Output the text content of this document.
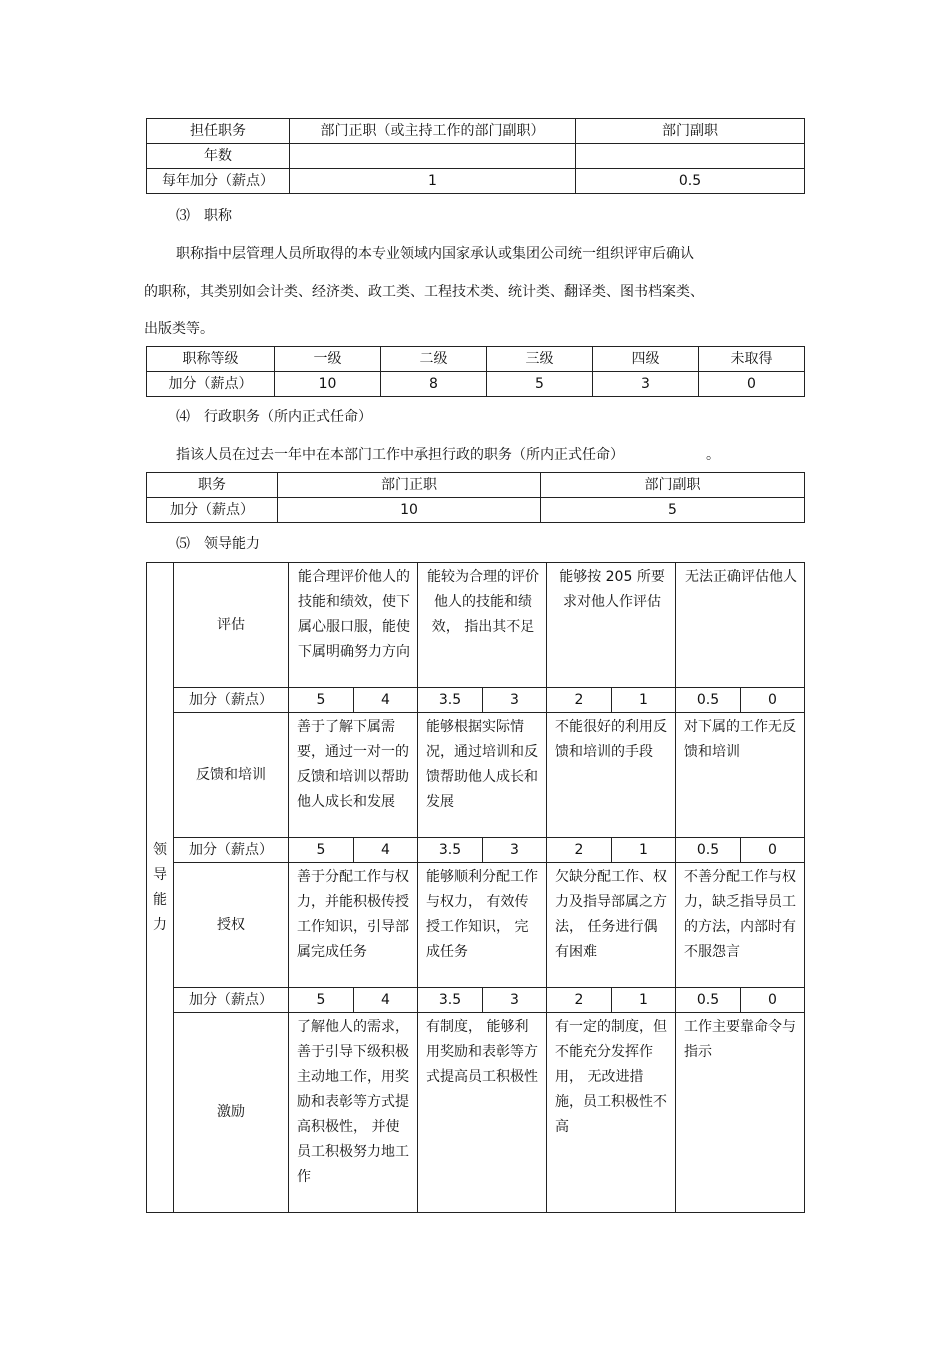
担任职务	部门正职（或主持工作的部门副职）	部门副职
年数		
每年加分（薪点）	1	0.5
⑶　职称
职称指中层管理人员所取得的本专业领域内国家承认或集团公司统一组织评审后确认
的职称，其类别如会计类、经济类、政工类、工程技术类、统计类、翻译类、图书档案类、
出版类等。
职称等级	一级	二级	三级	四级	未取得
加分（薪点）	10	8	5	3	0
⑷　行政职务（所内正式任命）
指该人员在过去一年中在本部门工作中承担行政的职务（所内正式任命）	。
职务	部门正职	部门副职
加分（薪点）	10	5
⑸　领导能力
领
导
能
力	评估	能合理评价他人的技能和绩效，使下属心服口服，能使下属明确努力方向		能较为合理的评价他人的技能和绩效， 指出其不足		能够按 205 所要求对他人作评估		无法正确评估他人	
	加分（薪点）	5	4	3.5	3	2	1	0.5	0
	反馈和培训	善于了解下属需要，通过一对一的反馈和培训以帮助他人成长和发展		能够根据实际情况，通过培训和反馈帮助他人成长和发展		不能很好的利用反馈和培训的手段		对下属的工作无反馈和培训	
	加分（薪点）	5	4	3.5	3	2	1	0.5	0
	授权	善于分配工作与权力，并能积极传授工作知识，引导部属完成任务		能够顺利分配工作与权力， 有效传授工作知识， 完成任务		欠缺分配工作、权力及指导部属之方法， 任务进行偶有困难		不善分配工作与权力，缺乏指导员工的方法，内部时有不服怨言	
	加分（薪点）	5	4	3.5	3	2	1	0.5	0
	激励	了解他人的需求，善于引导下级积极主动地工作，用奖励和表彰等方式提高积极性， 并使员工积极努力地工作		有制度， 能够利用奖励和表彰等方式提高员工积极性		有一定的制度，但不能充分发挥作用， 无改进措施，员工积极性不高		工作主要靠命令与指示	
